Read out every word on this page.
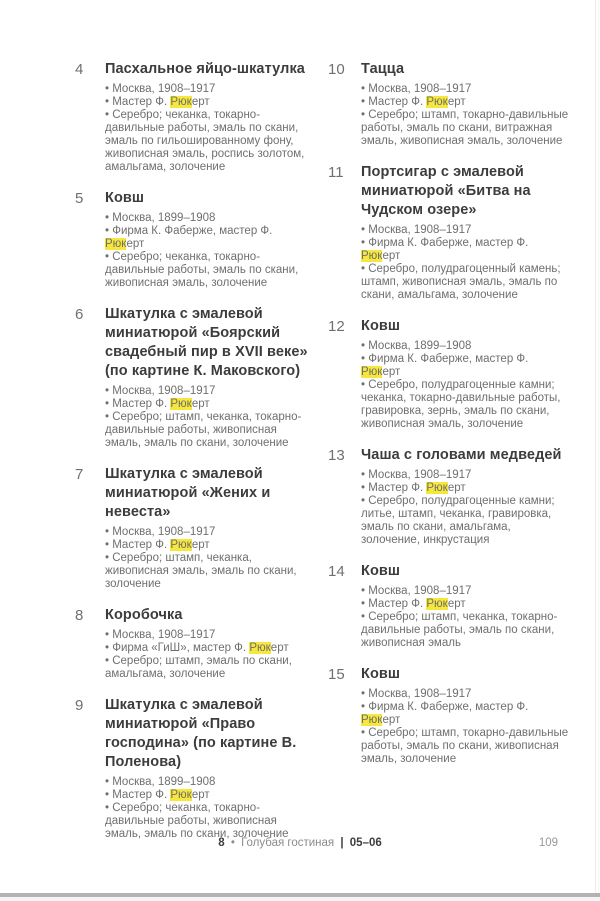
4	Пасхальное яйцо-шкатулка
• Москва, 1908–1917
• Мастер Ф. Рюкерт
• Серебро; чеканка, токарно-давильные работы, эмаль по скани, эмаль по гильошированному фону, живописная эмаль, роспись золотом, амальгама, золочение
5	Ковш
• Москва, 1899–1908
• Фирма К. Фаберже, мастер Ф. Рюкерт
• Серебро; чеканка, токарно-давильные работы, эмаль по скани, живописная эмаль, золочение
6	Шкатулка с эмалевой миниатюрой «Боярский свадебный пир в XVII веке» (по картине К. Маковского)
• Москва, 1908–1917
• Мастер Ф. Рюкерт
• Серебро; штамп, чеканка, токарно-давильные работы, живописная эмаль, эмаль по скани, золочение
7	Шкатулка с эмалевой миниатюрой «Жених и невеста»
• Москва, 1908–1917
• Мастер Ф. Рюкерт
• Серебро; штамп, чеканка, живописная эмаль, эмаль по скани, золочение
8	Коробочка
• Москва, 1908–1917
• Фирма «ГиШ», мастер Ф. Рюкерт
• Серебро; штамп, эмаль по скани, амальгама, золочение
9	Шкатулка с эмалевой миниатюрой «Право господина» (по картине В. Поленова)
• Москва, 1899–1908
• Мастер Ф. Рюкерт
• Серебро; чеканка, токарно-давильные работы, живописная эмаль, эмаль по скани, золочение
10	Тацца
• Москва, 1908–1917
• Мастер Ф. Рюкерт
• Серебро; штамп, токарно-давильные работы, эмаль по скани, витражная эмаль, живописная эмаль, золочение
11	Портсигар с эмалевой миниатюрой «Битва на Чудском озере»
• Москва, 1908–1917
• Фирма К. Фаберже, мастер Ф. Рюкерт
• Серебро, полудрагоценный камень; штамп, живописная эмаль, эмаль по скани, амальгама, золочение
12	Ковш
• Москва, 1899–1908
• Фирма К. Фаберже, мастер Ф. Рюкерт
• Серебро, полудрагоценные камни; чеканка, токарно-давильные работы, гравировка, зернь, эмаль по скани, живописная эмаль, золочение
13	Чаша с головами медведей
• Москва, 1908–1917
• Мастер Ф. Рюкерт
• Серебро, полудрагоценные камни; литье, штамп, чеканка, гравировка, эмаль по скани, амальгама, золочение, инкрустация
14	Ковш
• Москва, 1908–1917
• Мастер Ф. Рюкерт
• Серебро; штамп, чеканка, токарно-давильные работы, эмаль по скани, живописная эмаль
15	Ковш
• Москва, 1908–1917
• Фирма К. Фаберже, мастер Ф. Рюкерт
• Серебро; штамп, токарно-давильные работы, эмаль по скани, живописная эмаль, золочение
8 • Голубая гостиная | 05–06	109
